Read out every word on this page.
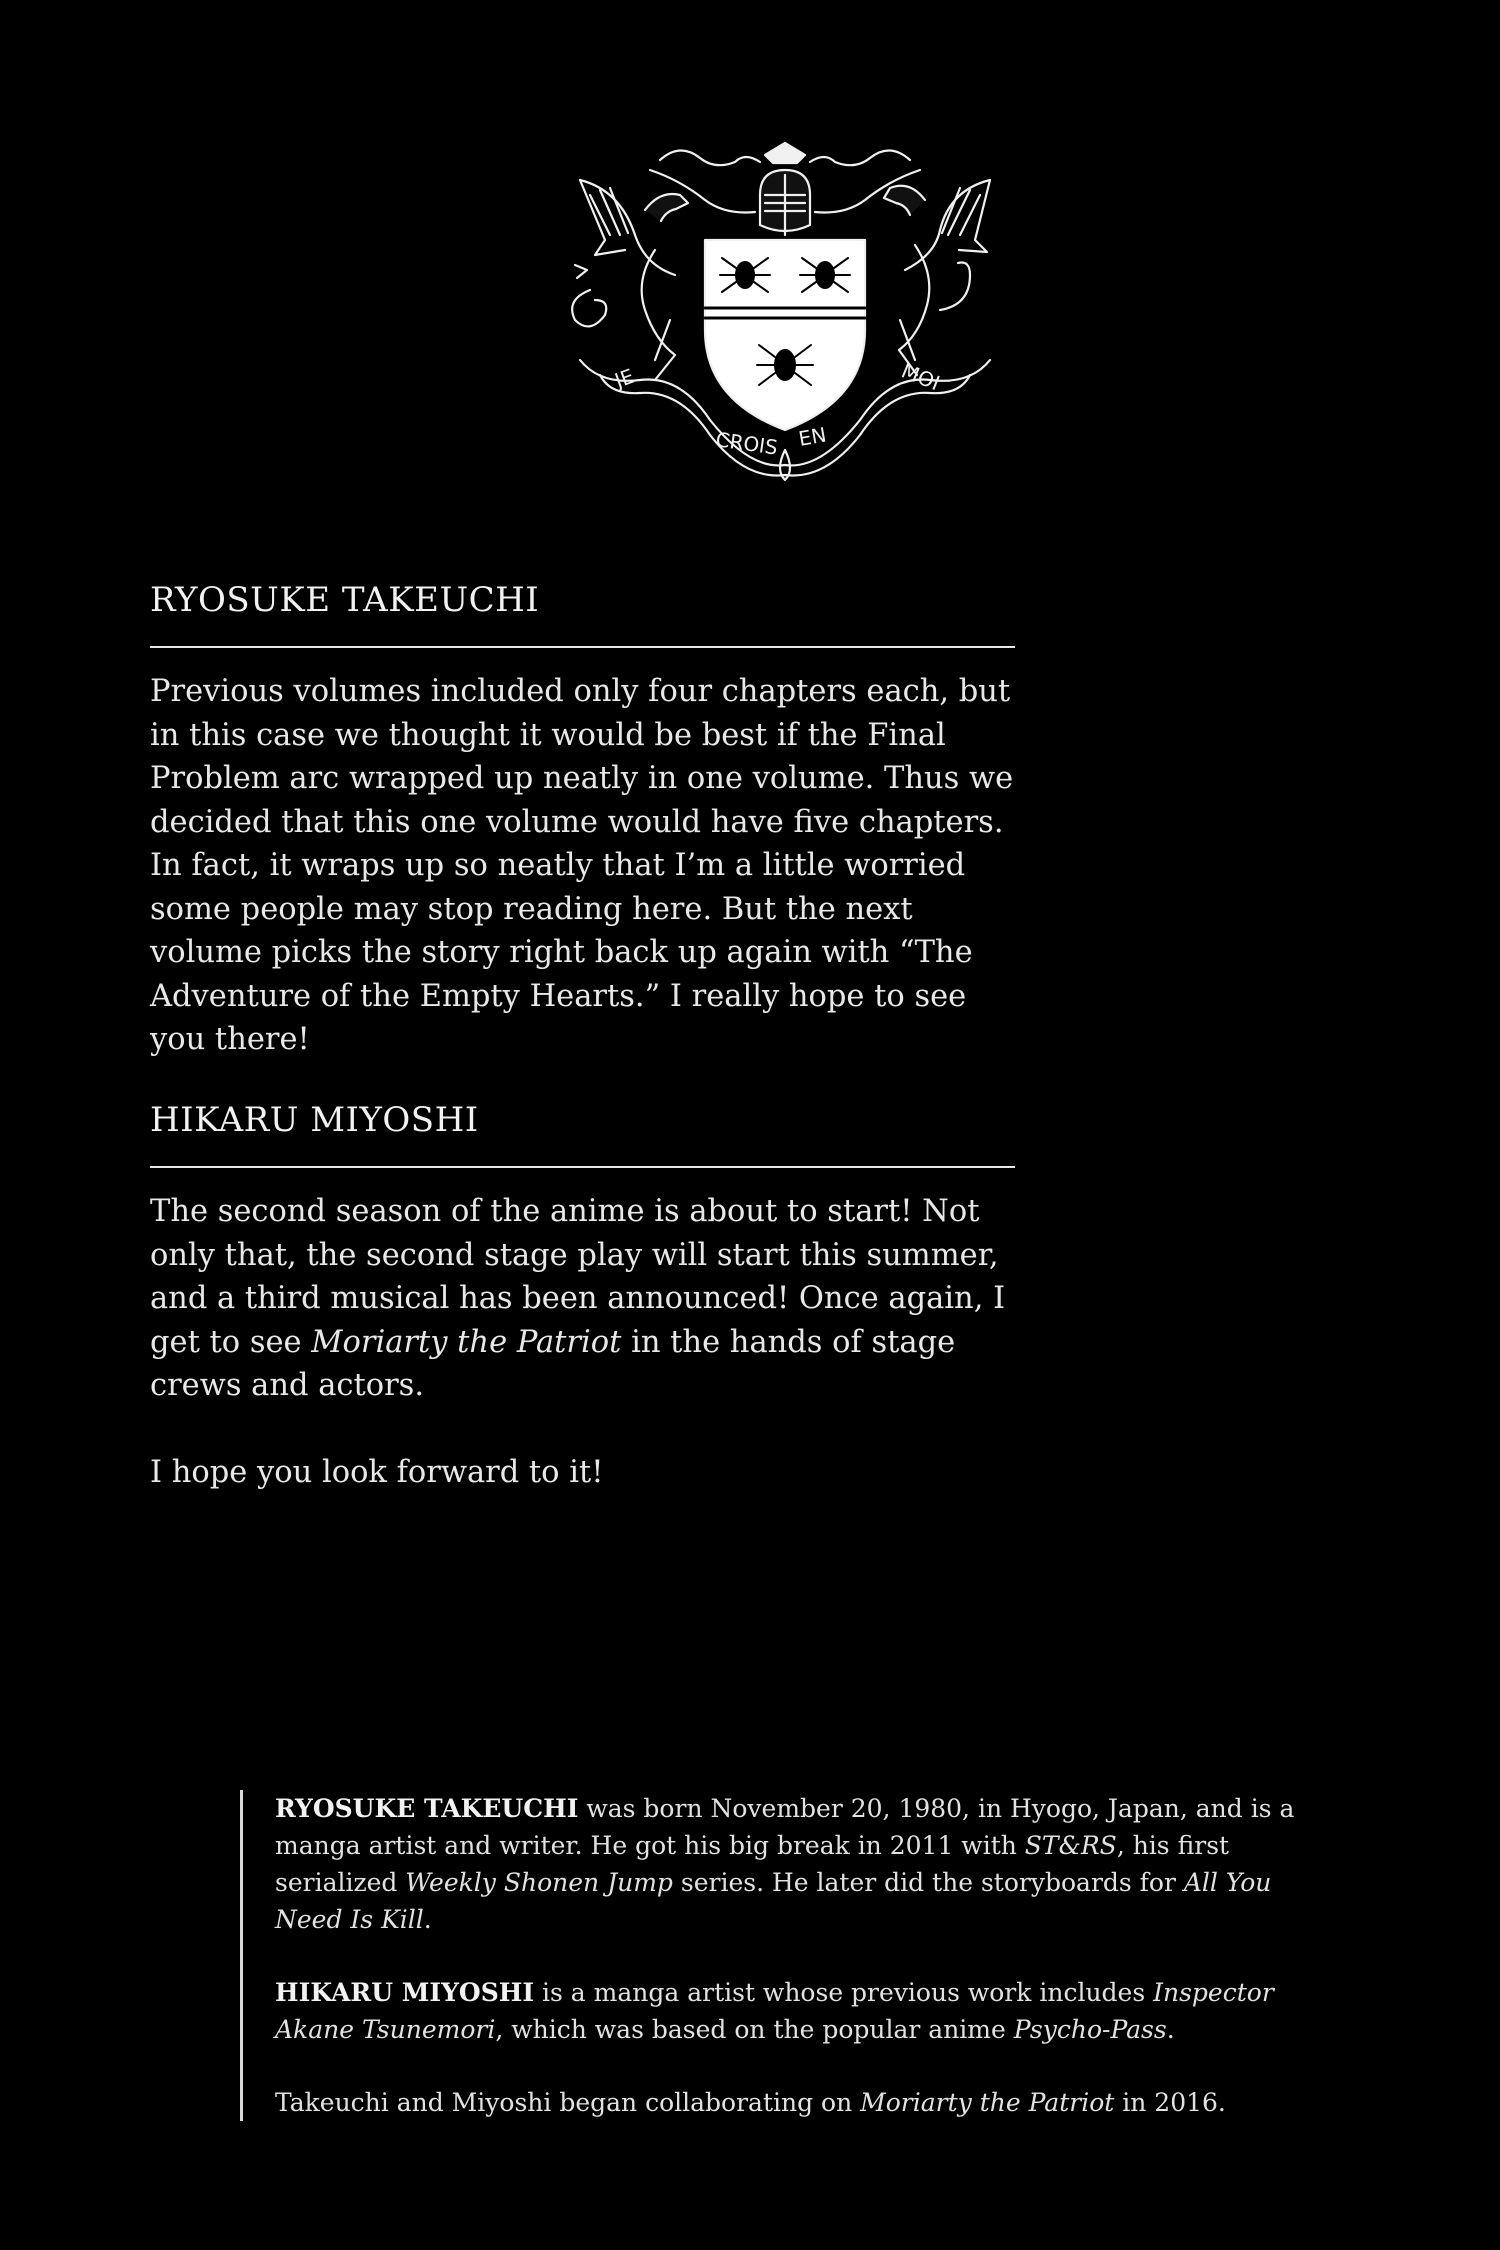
JE
CROIS EN
MOI
RYOSUKE TAKEUCHI

Previous volumes included only four chapters each, but in this case we thought it would be best if the Final Problem arc wrapped up neatly in one volume. Thus we decided that this one volume would have five chapters. In fact, it wraps up so neatly that I’m a little worried some people may stop reading here. But the next volume picks the story right back up again with “The Adventure of the Empty Hearts.” I really hope to see you there!

HIKARU MIYOSHI

The second season of the anime is about to start! Not only that, the second stage play will start this summer, and a third musical has been announced! Once again, I get to see Moriarty the Patriot in the hands of stage crews and actors.

I hope you look forward to it!

RYOSUKE TAKEUCHI was born November 20, 1980, in Hyogo, Japan, and is a manga artist and writer. He got his big break in 2011 with ST&RS, his first serialized Weekly Shonen Jump series. He later did the storyboards for All You Need Is Kill.

HIKARU MIYOSHI is a manga artist whose previous work includes Inspector Akane Tsunemori, which was based on the popular anime Psycho-Pass.

Takeuchi and Miyoshi began collaborating on Moriarty the Patriot in 2016.
